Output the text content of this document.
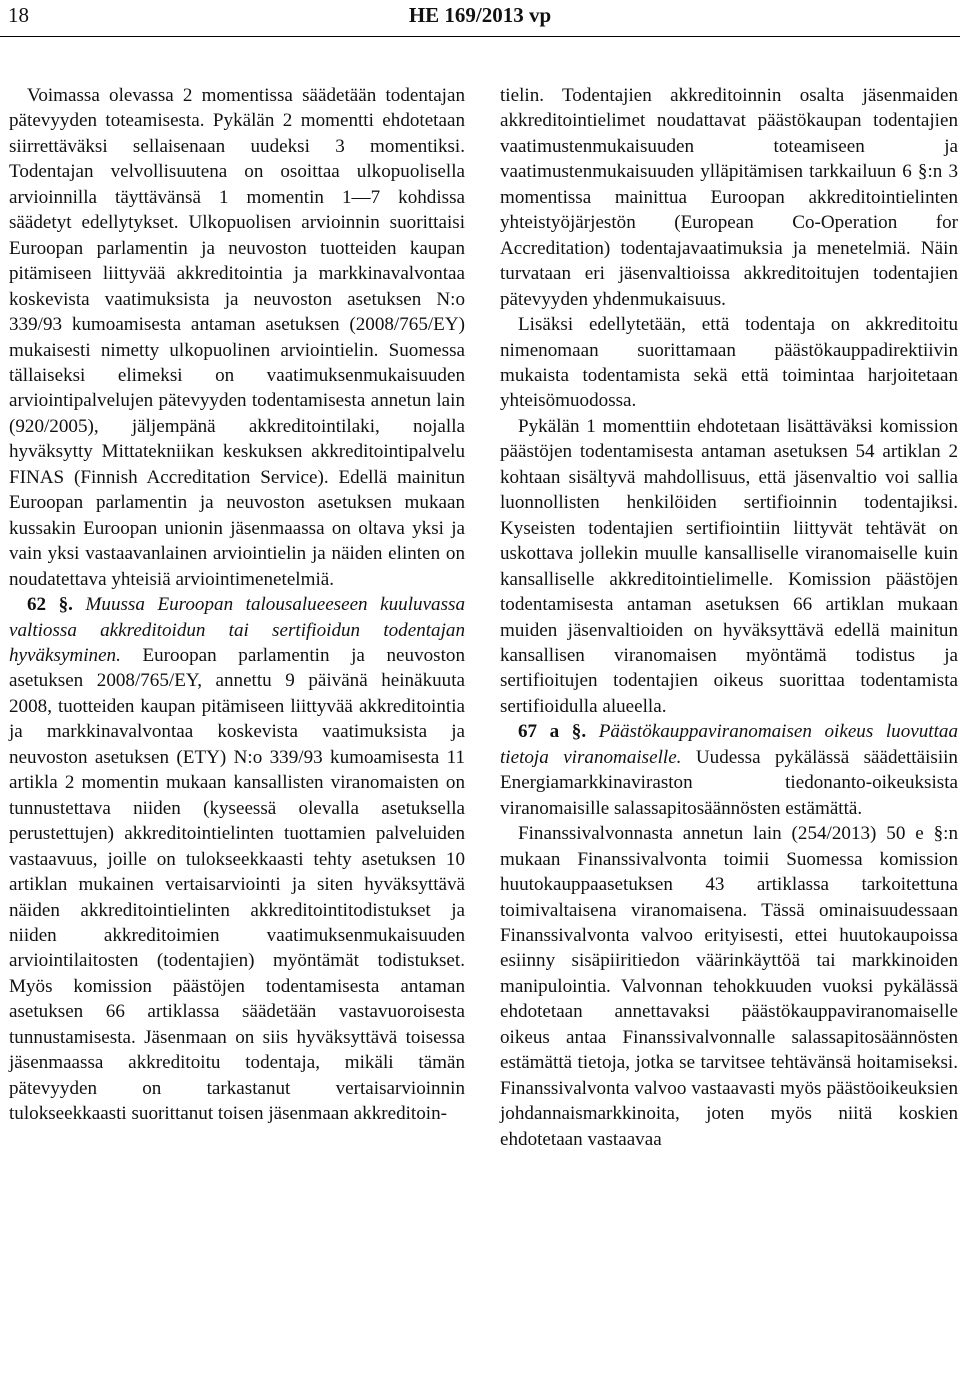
18	HE 169/2013 vp

Voimassa olevassa 2 momentissa säädetään todentajan pätevyyden toteamisesta. Pykälän 2 momentti ehdotetaan siirrettäväksi sellaisenaan uudeksi 3 momentiksi. Todentajan velvollisuutena on osoittaa ulkopuolisella arvioinnilla täyttävänsä 1 momentin 1—7 kohdissa säädetyt edellytykset. Ulkopuolisen arvioinnin suorittaisi Euroopan parlamentin ja neuvoston tuotteiden kaupan pitämiseen liittyvää akkreditointia ja markkinavalvontaa koskevista vaatimuksista ja neuvoston asetuksen N:o 339/93 kumoamisesta antaman asetuksen (2008/765/EY) mukaisesti nimetty ulkopuolinen arviointielin. Suomessa tällaiseksi elimeksi on vaatimuksenmukaisuuden arviointipalvelujen pätevyyden todentamisesta annetun lain (920/2005), jäljempänä akkreditointilaki, nojalla hyväksytty Mittatekniikan keskuksen akkreditointipalvelu FINAS (Finnish Accreditation Service). Edellä mainitun Euroopan parlamentin ja neuvoston asetuksen mukaan kussakin Euroopan unionin jäsenmaassa on oltava yksi ja vain yksi vastaavanlainen arviointielin ja näiden elinten on noudatettava yhteisiä arviointimenetelmiä.

62 §. Muussa Euroopan talousalueeseen kuuluvassa valtiossa akkreditoidun tai sertifioidun todentajan hyväksyminen. Euroopan parlamentin ja neuvoston asetuksen 2008/765/EY, annettu 9 päivänä heinäkuuta 2008, tuotteiden kaupan pitämiseen liittyvää akkreditointia ja markkinavalvontaa koskevista vaatimuksista ja neuvoston asetuksen (ETY) N:o 339/93 kumoamisesta 11 artikla 2 momentin mukaan kansallisten viranomaisten on tunnustettava niiden (kyseessä olevalla asetuksella perustettujen) akkreditointielinten tuottamien palveluiden vastaavuus, joille on tulokseekkaasti tehty asetuksen 10 artiklan mukainen vertaisarviointi ja siten hyväksyttävä näiden akkreditointielinten akkreditointitodistukset ja niiden akkreditoimien vaatimuksenmukaisuuden arviointilaitosten (todentajien) myöntämät todistukset. Myös komission päästöjen todentamisesta antaman asetuksen 66 artiklassa säädetään vastavuoroisesta tunnustamisesta. Jäsenmaan on siis hyväksyttävä toisessa jäsenmaassa akkreditoitu todentaja, mikäli tämän pätevyyden on tarkastanut vertaisarvioinnin tulokseekkaasti suorittanut toisen jäsenmaan akkreditoin-

tielin. Todentajien akkreditoinnin osalta jäsenmaiden akkreditointielimet noudattavat päästökaupan todentajien vaatimustenmukaisuuden toteamiseen ja vaatimustenmukaisuuden ylläpitämisen tarkkailuun 6 §:n 3 momentissa mainittua Euroopan akkreditointielinten yhteistyöjärjestön (European Co-Operation for Accreditation) todentajavaatimuksia ja menetelmiä. Näin turvataan eri jäsenvaltioissa akkreditoitujen todentajien pätevyyden yhdenmukaisuus.

Lisäksi edellytetään, että todentaja on akkreditoitu nimenomaan suorittamaan päästökauppadirektiivin mukaista todentamista sekä että toimintaa harjoitetaan yhteisömuodossa.

Pykälän 1 momenttiin ehdotetaan lisättäväksi komission päästöjen todentamisesta antaman asetuksen 54 artiklan 2 kohtaan sisältyvä mahdollisuus, että jäsenvaltio voi sallia luonnollisten henkilöiden sertifioinnin todentajiksi. Kyseisten todentajien sertifiointiin liittyvät tehtävät on uskottava jollekin muulle kansalliselle viranomaiselle kuin kansalliselle akkreditointielimelle. Komission päästöjen todentamisesta antaman asetuksen 66 artiklan mukaan muiden jäsenvaltioiden on hyväksyttävä edellä mainitun kansallisen viranomaisen myöntämä todistus ja sertifioitujen todentajien oikeus suorittaa todentamista sertifioidulla alueella.

67 a §. Päästökauppaviranomaisen oikeus luovuttaa tietoja viranomaiselle. Uudessa pykälässä säädettäisiin Energiamarkkinaviraston tiedonanto-oikeuksista viranomaisille salassapitosäännösten estämättä.

Finanssivalvonnasta annetun lain (254/2013) 50 e §:n mukaan Finanssivalvonta toimii Suomessa komission huutokauppaasetuksen 43 artiklassa tarkoitettuna toimivaltaisena viranomaisena. Tässä ominaisuudessaan Finanssivalvonta valvoo erityisesti, ettei huutokaupoissa esiinny sisäpiiritiedon väärinkäyttöä tai markkinoiden manipulointia. Valvonnan tehokkuuden vuoksi pykälässä ehdotetaan annettavaksi päästökauppaviranomaiselle oikeus antaa Finanssivalvonnalle salassapitosäännösten estämättä tietoja, jotka se tarvitsee tehtävänsä hoitamiseksi. Finanssivalvonta valvoo vastaavasti myös päästöoikeuksien johdannaismarkkinoita, joten myös niitä koskien ehdotetaan vastaavaa
